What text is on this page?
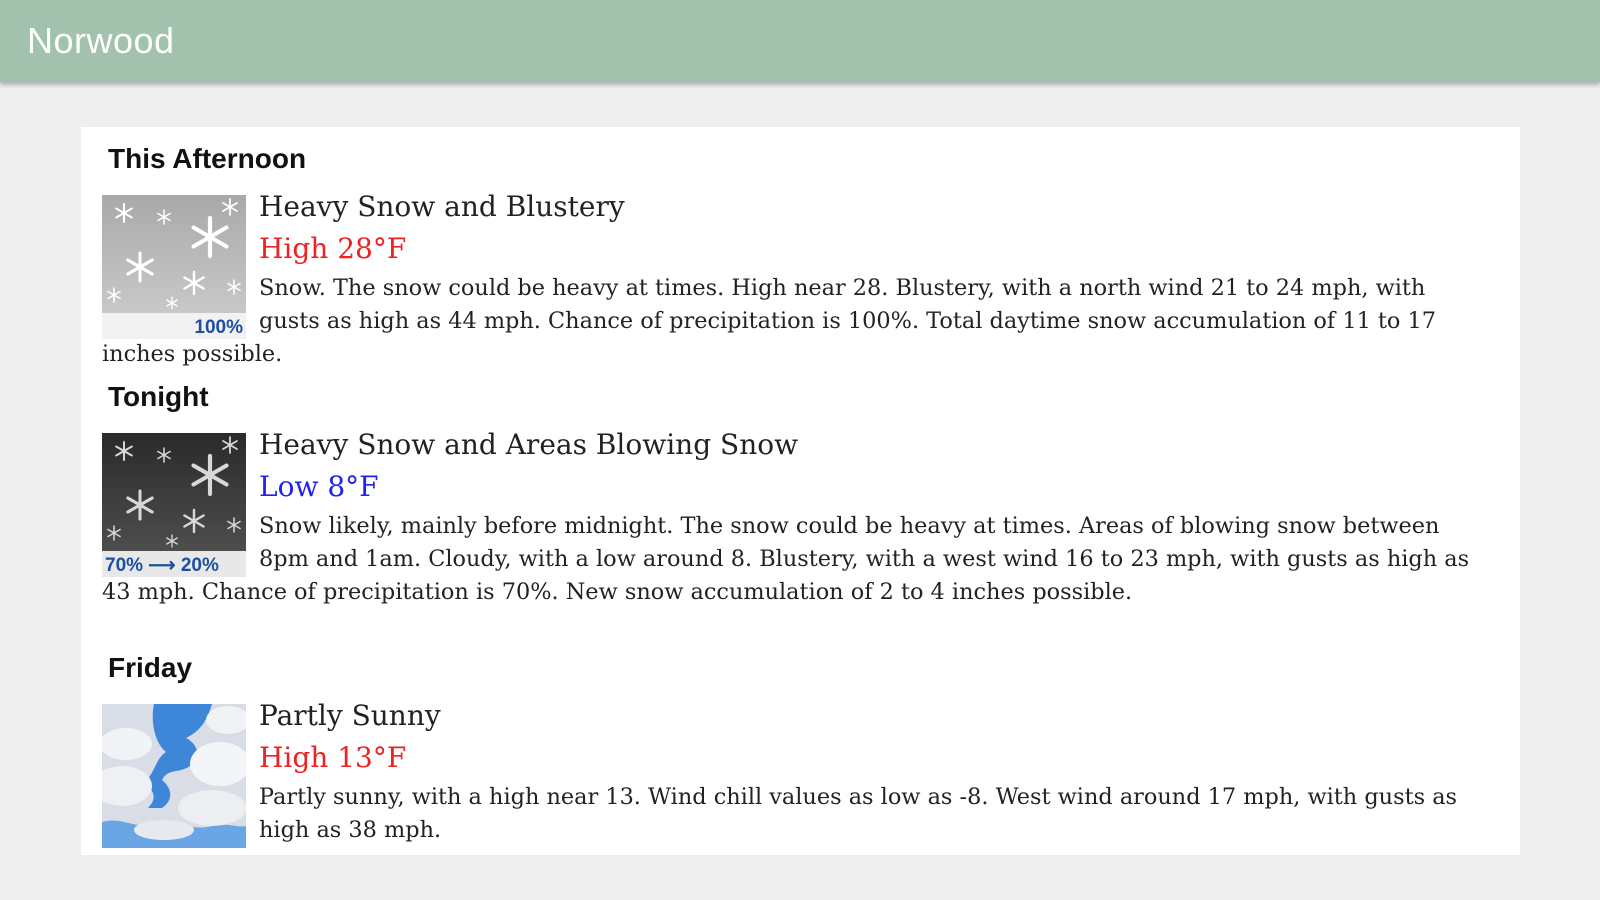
Norwood
This Afternoon
100%
Heavy Snow and Blustery
High 28°F

Snow. The snow could be heavy at times. High near 28. Blustery, with a north wind 21 to 24 mph, with gusts as high as 44 mph. Chance of precipitation is 100%. Total daytime snow accumulation of 11 to 17 inches possible.

Tonight
70% ⟶ 20%
Heavy Snow and Areas Blowing Snow
Low 8°F

Snow likely, mainly before midnight. The snow could be heavy at times. Areas of blowing snow between 8pm and 1am. Cloudy, with a low around 8. Blustery, with a west wind 16 to 23 mph, with gusts as high as 43 mph. Chance of precipitation is 70%. New snow accumulation of 2 to 4 inches possible.

Friday
Partly Sunny
High 13°F

Partly sunny, with a high near 13. Wind chill values as low as -8. West wind around 17 mph, with gusts as high as 38 mph.
